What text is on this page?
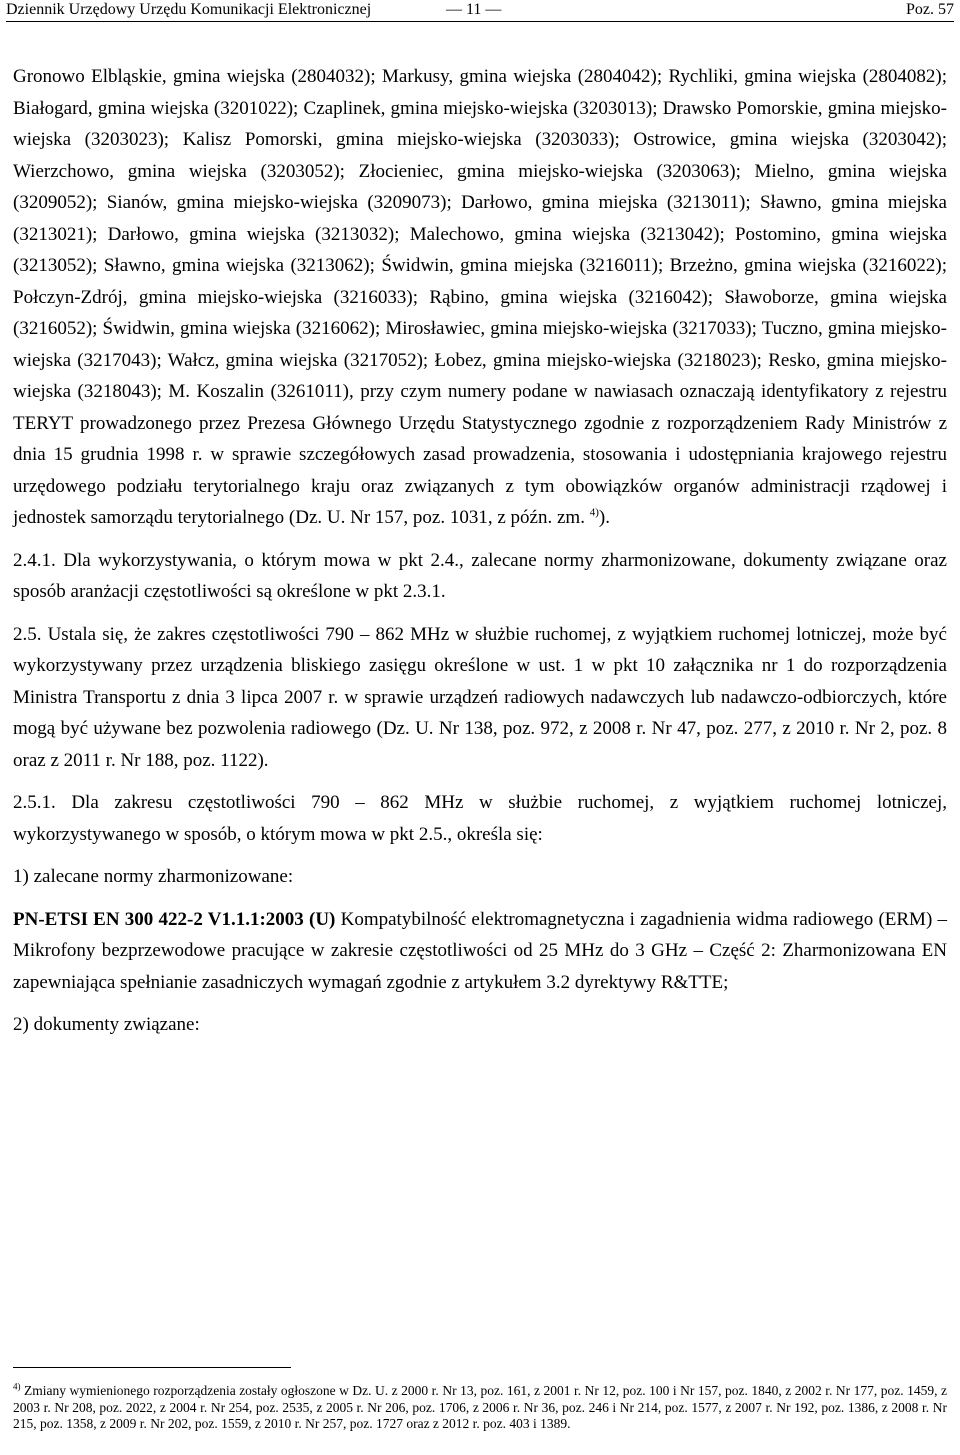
Dziennik Urzędowy Urzędu Komunikacji Elektronicznej	— 11 —	Poz. 57

Gronowo Elbląskie, gmina wiejska (2804032); Markusy, gmina wiejska (2804042); Rychliki, gmina wiejska (2804082); Białogard, gmina wiejska (3201022); Czaplinek, gmina miejsko-wiejska (3203013); Drawsko Pomorskie, gmina miejsko-wiejska (3203023); Kalisz Pomorski, gmina miejsko-wiejska (3203033); Ostrowice, gmina wiejska (3203042); Wierzchowo, gmina wiejska (3203052); Złocieniec, gmina miejsko-wiejska (3203063); Mielno, gmina wiejska (3209052); Sianów, gmina miejsko-wiejska (3209073); Darłowo, gmina miejska (3213011); Sławno, gmina miejska (3213021); Darłowo, gmina wiejska (3213032); Malechowo, gmina wiejska (3213042); Postomino, gmina wiejska (3213052); Sławno, gmina wiejska (3213062); Świdwin, gmina miejska (3216011); Brzeżno, gmina wiejska (3216022); Połczyn-Zdrój, gmina miejsko-wiejska (3216033); Rąbino, gmina wiejska (3216042); Sławoborze, gmina wiejska (3216052); Świdwin, gmina wiejska (3216062); Mirosławiec, gmina miejsko-wiejska (3217033); Tuczno, gmina miejsko-wiejska (3217043); Wałcz, gmina wiejska (3217052); Łobez, gmina miejsko-wiejska (3218023); Resko, gmina miejsko-wiejska (3218043); M. Koszalin (3261011), przy czym numery podane w nawiasach oznaczają identyfikatory z rejestru TERYT prowadzonego przez Prezesa Głównego Urzędu Statystycznego zgodnie z rozporządzeniem Rady Ministrów z dnia 15 grudnia 1998 r. w sprawie szczegółowych zasad prowadzenia, stosowania i udostępniania krajowego rejestru urzędowego podziału terytorialnego kraju oraz związanych z tym obowiązków organów administracji rządowej i jednostek samorządu terytorialnego (Dz. U. Nr 157, poz. 1031, z późn. zm. $^{4)}$).

2.4.1. Dla wykorzystywania, o którym mowa w pkt 2.4., zalecane normy zharmonizowane, dokumenty związane oraz sposób aranżacji częstotliwości są określone w pkt 2.3.1.

2.5. Ustala się, że zakres częstotliwości 790 – 862 MHz w służbie ruchomej, z wyjątkiem ruchomej lotniczej, może być wykorzystywany przez urządzenia bliskiego zasięgu określone w ust. 1 w pkt 10 załącznika nr 1 do rozporządzenia Ministra Transportu z dnia 3 lipca 2007 r. w sprawie urządzeń radiowych nadawczych lub nadawczo-odbiorczych, które mogą być używane bez pozwolenia radiowego (Dz. U. Nr 138, poz. 972, z 2008 r. Nr 47, poz. 277, z 2010 r. Nr 2, poz. 8 oraz z 2011 r. Nr 188, poz. 1122).

2.5.1. Dla zakresu częstotliwości 790 – 862 MHz w służbie ruchomej, z wyjątkiem ruchomej lotniczej, wykorzystywanego w sposób, o którym mowa w pkt 2.5., określa się:

1) zalecane normy zharmonizowane:

PN-ETSI EN 300 422-2 V1.1.1:2003 (U) Kompatybilność elektromagnetyczna i zagadnienia widma radiowego (ERM) – Mikrofony bezprzewodowe pracujące w zakresie częstotliwości od 25 MHz do 3 GHz – Część 2: Zharmonizowana EN zapewniająca spełnianie zasadniczych wymagań zgodnie z artykułem 3.2 dyrektywy R&TTE;

2) dokumenty związane:

$^{4)}$ Zmiany wymienionego rozporządzenia zostały ogłoszone w Dz. U. z 2000 r. Nr 13, poz. 161, z 2001 r. Nr 12, poz. 100 i Nr 157, poz. 1840, z 2002 r. Nr 177, poz. 1459, z 2003 r. Nr 208, poz. 2022, z 2004 r. Nr 254, poz. 2535, z 2005 r. Nr 206, poz. 1706, z 2006 r. Nr 36, poz. 246 i Nr 214, poz. 1577, z 2007 r. Nr 192, poz. 1386, z 2008 r. Nr 215, poz. 1358, z 2009 r. Nr 202, poz. 1559, z 2010 r. Nr 257, poz. 1727 oraz z 2012 r. poz. 403 i 1389.
